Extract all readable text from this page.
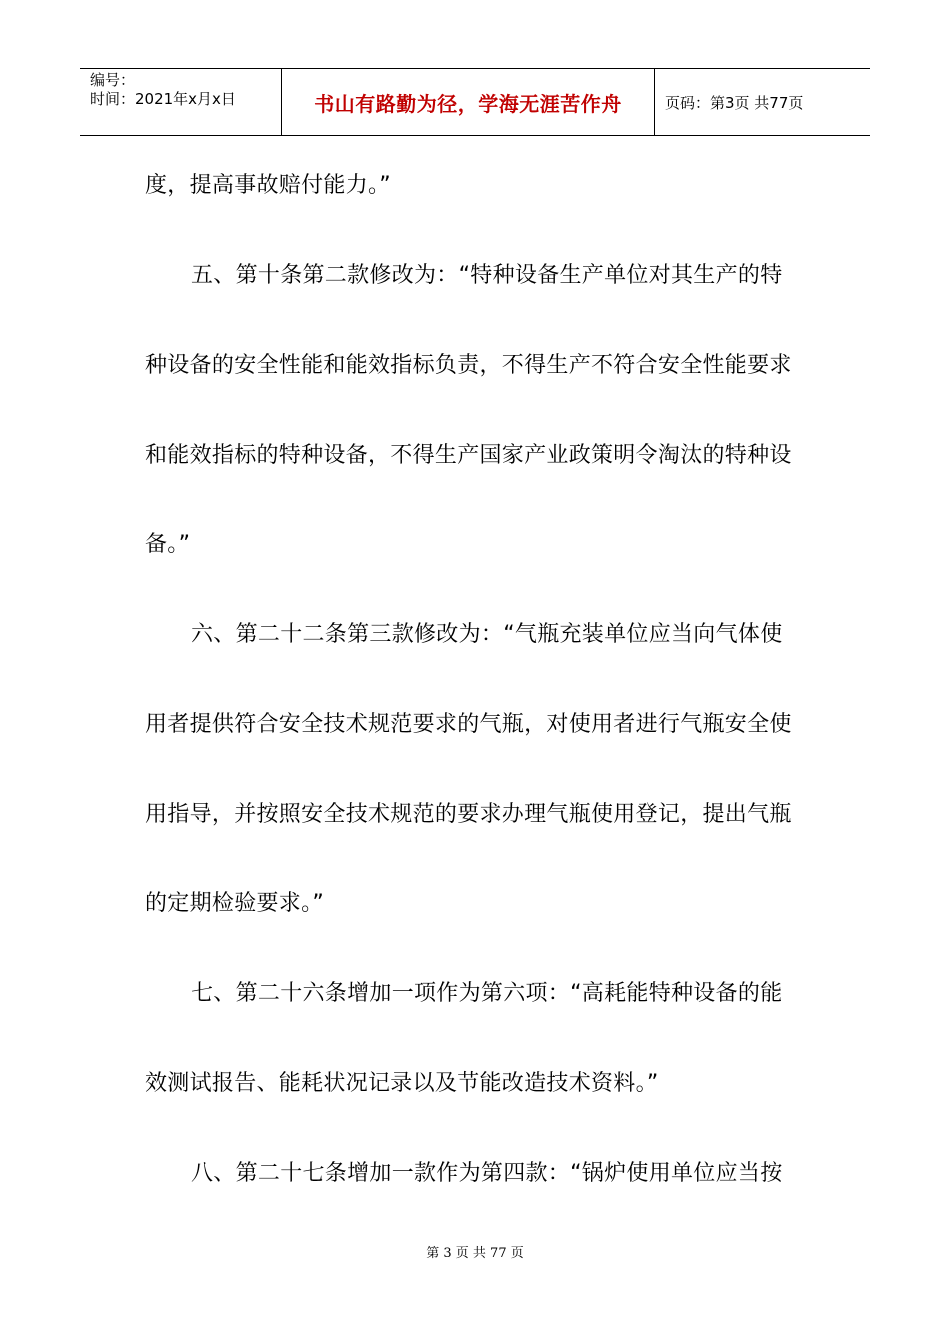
编号：
时间：2021年x月x日	书山有路勤为径，学海无涯苦作舟	页码：第3页 共77页
度，提高事故赔付能力。”
五、第十条第二款修改为：“特种设备生产单位对其生产的特
种设备的安全性能和能效指标负责，不得生产不符合安全性能要求
和能效指标的特种设备，不得生产国家产业政策明令淘汰的特种设
备。”
六、第二十二条第三款修改为：“气瓶充装单位应当向气体使
用者提供符合安全技术规范要求的气瓶，对使用者进行气瓶安全使
用指导，并按照安全技术规范的要求办理气瓶使用登记，提出气瓶
的定期检验要求。”
七、第二十六条增加一项作为第六项：“高耗能特种设备的能
效测试报告、能耗状况记录以及节能改造技术资料。”
八、第二十七条增加一款作为第四款：“锅炉使用单位应当按
第 3 页 共 77 页
